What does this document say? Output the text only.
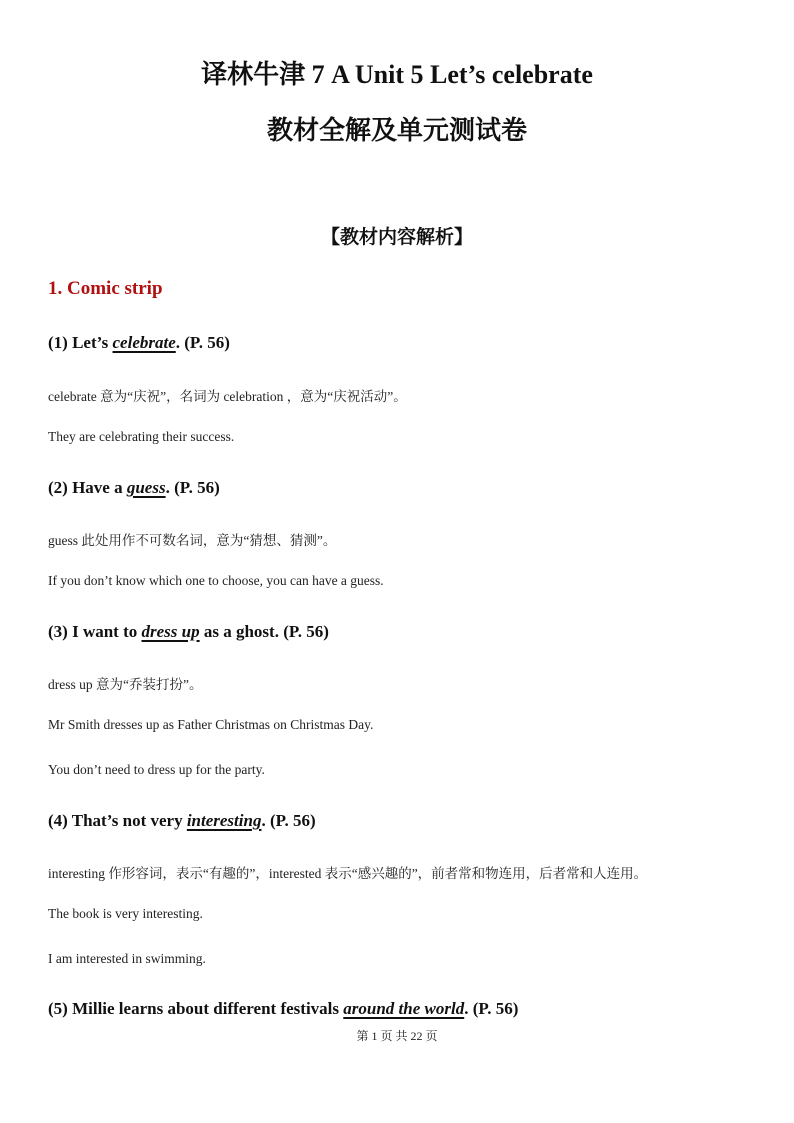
译林牛津 7 A Unit 5 Let’s celebrate
教材全解及单元测试卷
【教材内容解析】
1. Comic strip
(1) Let’s celebrate. (P. 56)
celebrate 意为“庆祝”，名词为 celebration ，意为“庆祝活动”。
They are celebrating their success.
(2) Have a guess. (P. 56)
guess 此处用作不可数名词，意为“猜想、猜测”。
If you don’t know which one to choose, you can have a guess.
(3) I want to dress up as a ghost. (P. 56)
dress up 意为“乔装打扮”。
Mr Smith dresses up as Father Christmas on Christmas Day.
You don’t need to dress up for the party.
(4) That’s not very interesting. (P. 56)
interesting 作形容词，表示“有趣的”，interested 表示“感兴趣的”，前者常和物连用，后者常和人连用。
The book is very interesting.
I am interested in swimming.
(5) Millie learns about different festivals around the world. (P. 56)
第 1 页 共 22 页
